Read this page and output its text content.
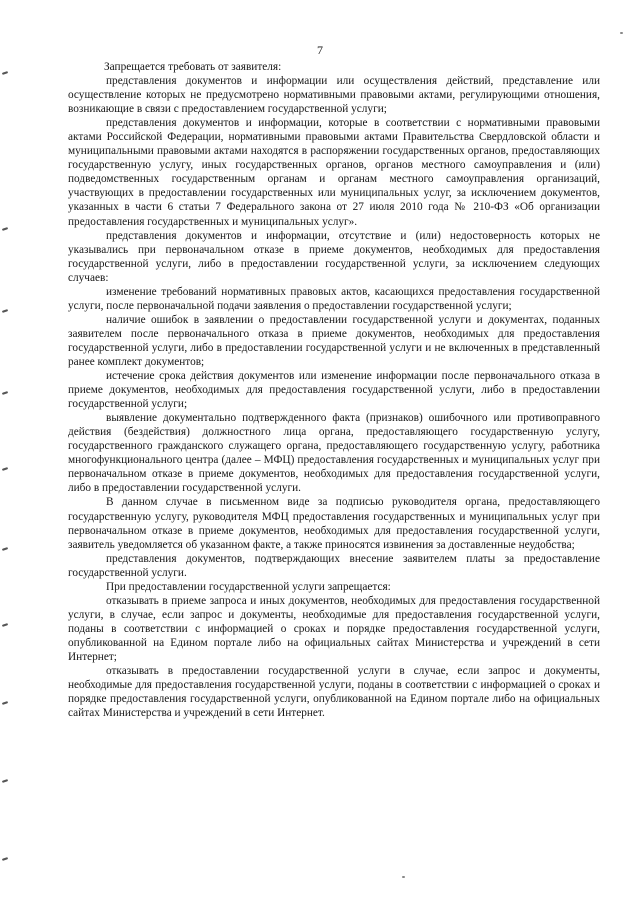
7

Запрещается требовать от заявителя:

представления документов и информации или осуществления действий, представление или осуществление которых не предусмотрено нормативными правовыми актами, регулирующими отношения, возникающие в связи с предоставлением государственной услуги;

представления документов и информации, которые в соответствии с нормативными правовыми актами Российской Федерации, нормативными правовыми актами Правительства Свердловской области и муниципальными правовыми актами находятся в распоряжении государственных органов, предоставляющих государственную услугу, иных государственных органов, органов местного самоуправления и (или) подведомственных государственным органам и органам местного самоуправления организаций, участвующих в предоставлении государственных или муниципальных услуг, за исключением документов, указанных в части 6 статьи 7 Федерального закона от 27 июля 2010 года № 210-ФЗ «Об организации предоставления государственных и муниципальных услуг».

представления документов и информации, отсутствие и (или) недостоверность которых не указывались при первоначальном отказе в приеме документов, необходимых для предоставления государственной услуги, либо в предоставлении государственной услуги, за исключением следующих случаев:

изменение требований нормативных правовых актов, касающихся предоставления государственной услуги, после первоначальной подачи заявления о предоставлении государственной услуги;

наличие ошибок в заявлении о предоставлении государственной услуги и документах, поданных заявителем после первоначального отказа в приеме документов, необходимых для предоставления государственной услуги, либо в предоставлении государственной услуги и не включенных в представленный ранее комплект документов;

истечение срока действия документов или изменение информации после первоначального отказа в приеме документов, необходимых для предоставления государственной услуги, либо в предоставлении государственной услуги;

выявление документально подтвержденного факта (признаков) ошибочного или противоправного действия (бездействия) должностного лица органа, предоставляющего государственную услугу, государственного гражданского служащего органа, предоставляющего государственную услугу, работника многофункционального центра (далее – МФЦ) предоставления государственных и муниципальных услуг при первоначальном отказе в приеме документов, необходимых для предоставления государственной услуги, либо в предоставлении государственной услуги.

В данном случае в письменном виде за подписью руководителя органа, предоставляющего государственную услугу, руководителя МФЦ предоставления государственных и муниципальных услуг при первоначальном отказе в приеме документов, необходимых для предоставления государственной услуги, заявитель уведомляется об указанном факте, а также приносятся извинения за доставленные неудобства;

представления документов, подтверждающих внесение заявителем платы за предоставление государственной услуги.

При предоставлении государственной услуги запрещается:

отказывать в приеме запроса и иных документов, необходимых для предоставления государственной услуги, в случае, если запрос и документы, необходимые для предоставления государственной услуги, поданы в соответствии с информацией о сроках и порядке предоставления государственной услуги, опубликованной на Едином портале либо на официальных сайтах Министерства и учреждений в сети Интернет;

отказывать в предоставлении государственной услуги в случае, если запрос и документы, необходимые для предоставления государственной услуги, поданы в соответствии с информацией о сроках и порядке предоставления государственной услуги, опубликованной на Едином портале либо на официальных сайтах Министерства и учреждений в сети Интернет.
